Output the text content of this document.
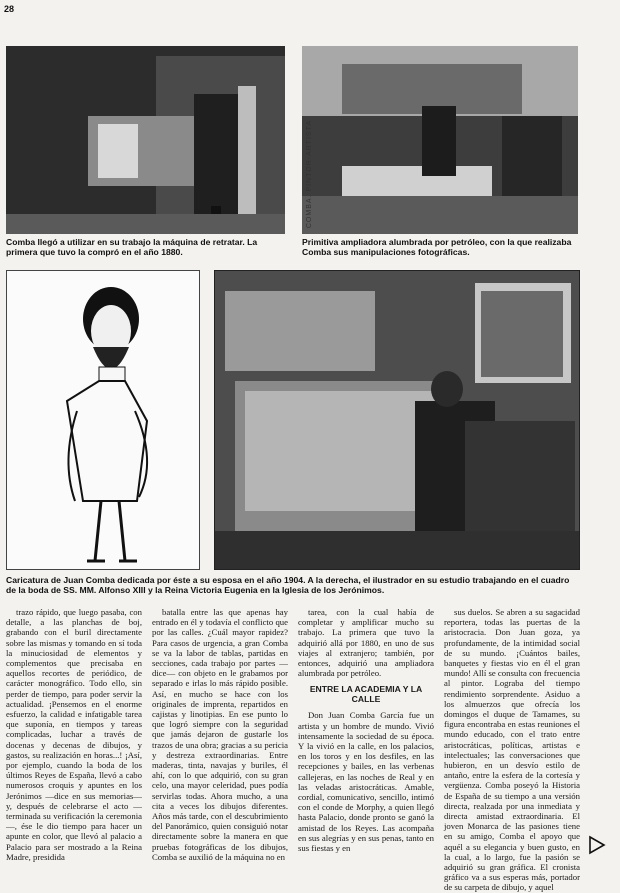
28
Comba llegó a utilizar en su trabajo la máquina de retratar. La primera que tuvo la compró en el año 1880.
COMBA. PINTOR-ARTISTA
Primitiva ampliadora alumbrada por petróleo, con la que realizaba Comba sus manipulaciones fotográficas.
Caricatura de Juan Comba dedicada por éste a su esposa en el año 1904. A la derecha, el ilustrador en su estudio trabajando en el cuadro de la boda de SS. MM. Alfonso XIII y la Reina Victoria Eugenia en la Iglesia de los Jerónimos.

trazo rápido, que luego pasaba, con detalle, a las planchas de boj, grabando con el buril directamente sobre las mismas y tomando en sí toda la minuciosidad de elementos y complementos que precisaba en aquellos recortes de periódico, de carácter monográfico. Todo ello, sin perder de tiempo, para poder servir la actualidad. ¡Pensemos en el enorme esfuerzo, la calidad e infatigable tarea que suponía, en tiempos y tareas complicadas, luchar a través de docenas y decenas de dibujos, y gastos, su realización en horas...! ¡Así, por ejemplo, cuando la boda de los últimos Reyes de España, llevó a cabo numerosos croquis y apuntes en los Jerónimos —dice en sus memorias— y, después de celebrarse el acto —terminada su verificación la ceremonia—, ése le dio tiempo para hacer un apunte en color, que llevó al palacio a Palacio para ser mostrado a la Reina Madre, presidida

batalla entre las que apenas hay entrado en él y todavía el conflicto que por las calles. ¿Cuál mayor rapidez? Para casos de urgencia, a gran Comba se va la labor de tablas, partidas en secciones, cada trabajo por partes —dice— con objeto en le grabamos por separado e irlas lo más rápido posible. Así, en mucho se hace con los originales de imprenta, repartidos en cajistas y linotipias. En ese punto lo que logró siempre con la seguridad que jamás dejaron de gustarle los trazos de una obra; gracias a su pericia y destreza extraordinarias. Entre maderas, tinta, navajas y buriles, él ahí, con lo que adquirió, con su gran celo, una mayor celeridad, pues podía servirlas todas. Ahora mucho, a una cita a veces los dibujos diferentes. Años más tarde, con el descubrimiento del Panorámico, quien consiguió notar directamente sobre la manera en que pruebas fotográficas de los dibujos, Comba se auxilió de la máquina no en

tarea, con la cual había de completar y amplificar mucho su trabajo. La primera que tuvo la adquirió allá por 1880, en uno de sus viajes al extranjero; también, por entonces, adquirió una ampliadora alumbrada por petróleo.

ENTRE LA ACADEMIA Y LA CALLE

Don Juan Comba García fue un artista y un hombre de mundo. Vivió intensamente la sociedad de su época. Y la vivió en la calle, en los palacios, en los toros y en los desfiles, en las recepciones y bailes, en las verbenas callejeras, en las noches de Real y en las veladas aristocráticas. Amable, cordial, comunicativo, sencillo, intimó con el conde de Morphy, a quien llegó hasta Palacio, donde pronto se ganó la amistad de los Reyes. Las acompaña en sus alegrías y en sus penas, tanto en sus fiestas y en

sus duelos. Se abren a su sagacidad reportera, todas las puertas de la aristocracia. Don Juan goza, ya profundamente, de la intimidad social de su mundo. ¡Cuántos bailes, banquetes y fiestas vio en él el gran mundo! Allí se consulta con frecuencia al pintor. Lograba del tiempo rendimiento sorprendente. Asiduo a los almuerzos que ofrecía los domingos el duque de Tamames, su figura encontraba en estas reuniones el mundo educado, con el trato entre aristocráticas, políticas, artistas e intelectuales; las conversaciones que hubieron, en un desvío estilo de antaño, entre la esfera de la cortesía y vergüenza. Comba poseyó la Historia de España de su tiempo a una versión directa, realzada por una inmediata y directa amistad extraordinaria. El joven Monarca de las pasiones tiene en su amigo, Comba el apoyo que aquél a su elegancia y buen gusto, en la cual, a lo largo, fue la pasión se adquirió su gran gráfica. El cronista gráfico va a sus esperas más, portador de su carpeta de dibujo, y aquel
